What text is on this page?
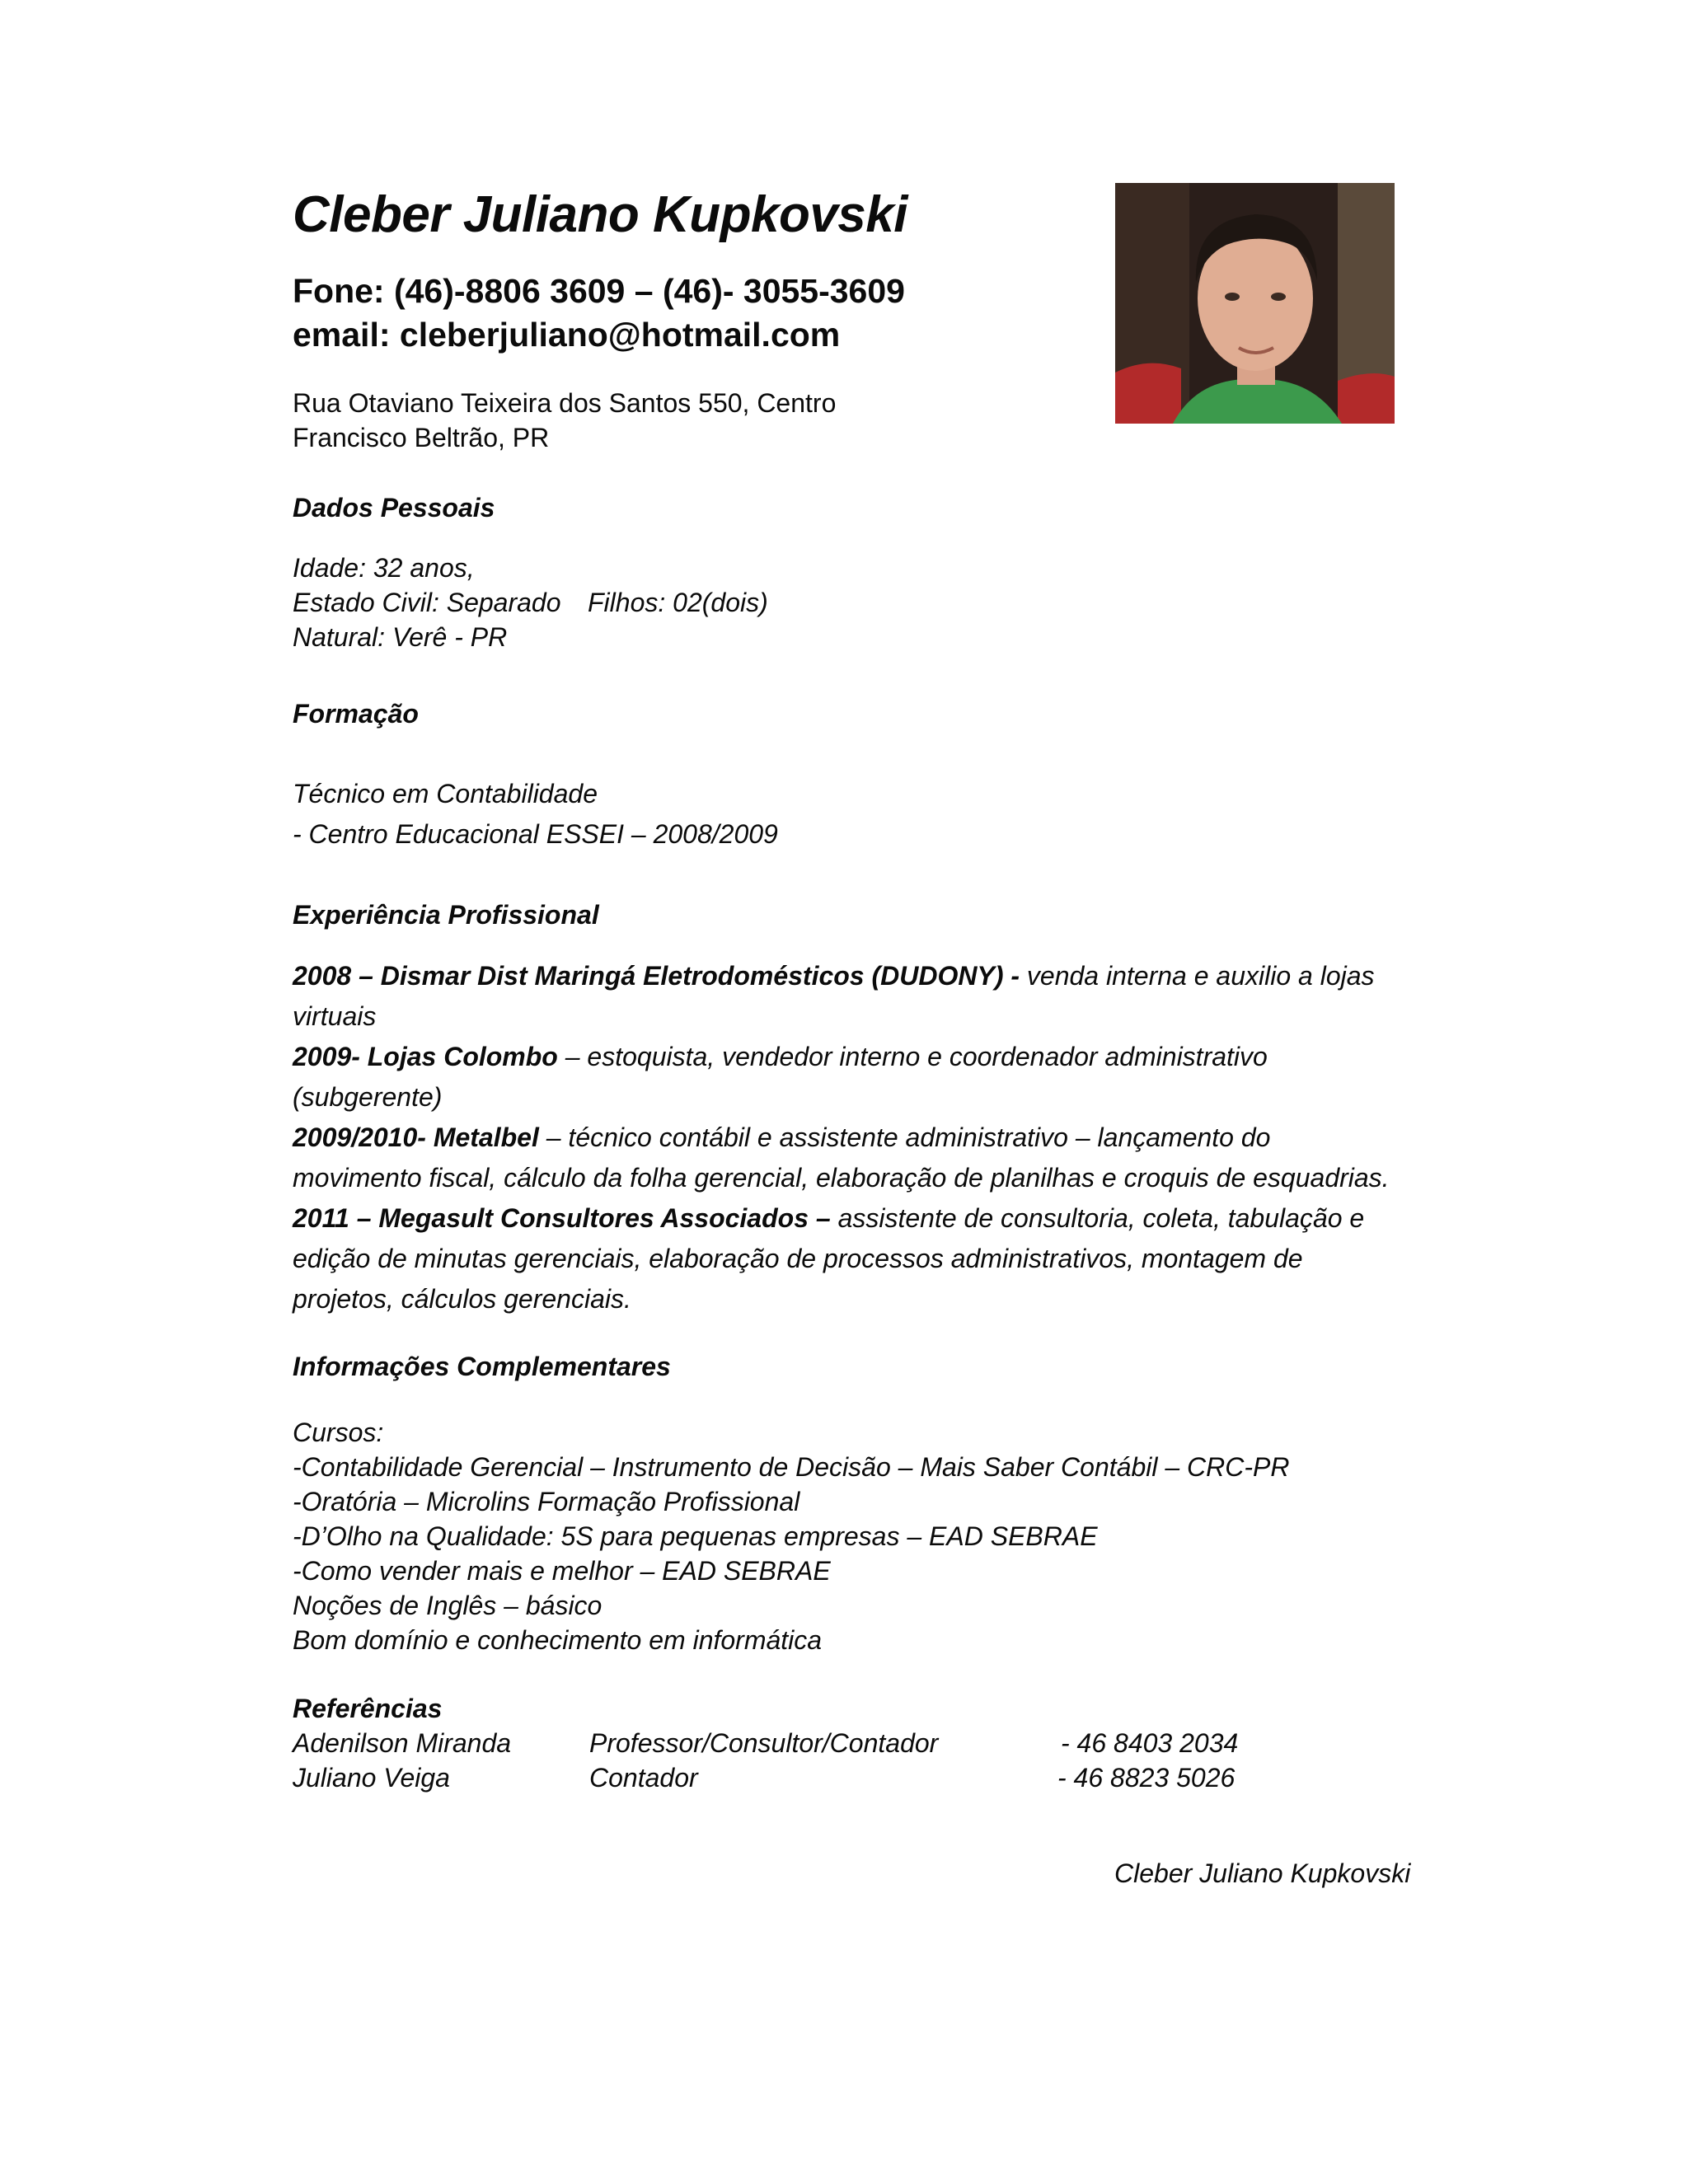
Cleber Juliano Kupkovski
Fone: (46)-8806 3609 – (46)- 3055-3609
email: cleberjuliano@hotmail.com
Rua Otaviano Teixeira dos Santos 550, Centro
Francisco Beltrão, PR
Dados Pessoais
Idade: 32 anos,
Estado Civil: Separado Filhos: 02(dois)
Natural: Verê - PR
Formação
Técnico em Contabilidade
- Centro Educacional ESSEI – 2008/2009
Experiência Profissional
2008 – Dismar Dist Maringá Eletrodomésticos (DUDONY) - venda interna e auxilio a lojas virtuais
2009- Lojas Colombo – estoquista, vendedor interno e coordenador administrativo (subgerente)
2009/2010- Metalbel – técnico contábil e assistente administrativo – lançamento do movimento fiscal, cálculo da folha gerencial, elaboração de planilhas e croquis de esquadrias.
2011 – Megasult Consultores Associados – assistente de consultoria, coleta, tabulação e edição de minutas gerenciais, elaboração de processos administrativos, montagem de projetos, cálculos gerenciais.
Informações Complementares
Cursos:
-Contabilidade Gerencial – Instrumento de Decisão – Mais Saber Contábil – CRC-PR
-Oratória – Microlins Formação Profissional
-D’Olho na Qualidade: 5S para pequenas empresas – EAD SEBRAE
-Como vender mais e melhor – EAD SEBRAE
Noções de Inglês – básico
Bom domínio e conhecimento em informática
Referências
Adenilson Miranda	Professor/Consultor/Contador	- 46 8403 2034
Juliano Veiga	Contador	- 46 8823 5026
Cleber Juliano Kupkovski
